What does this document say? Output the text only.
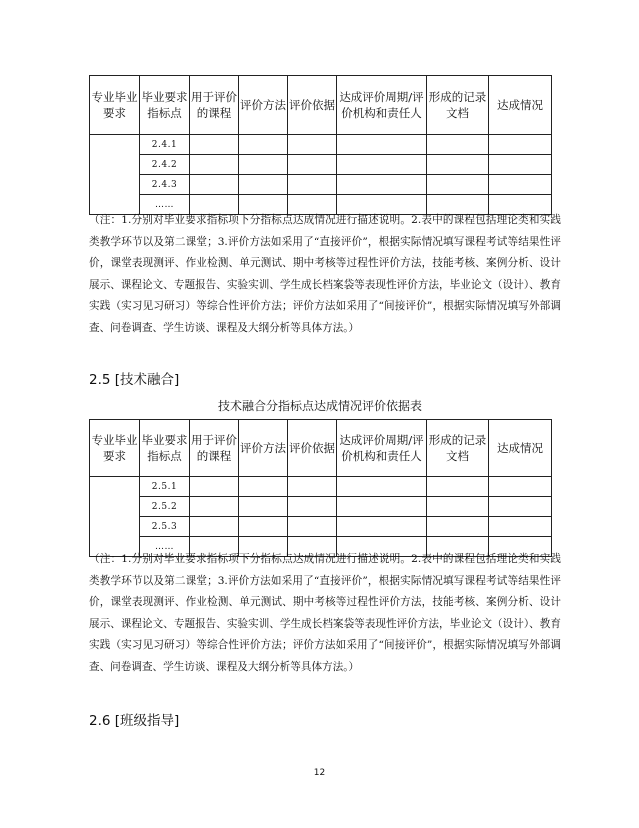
专业毕业要求	毕业要求指标点	用于评价的课程	评价方法	评价依据	达成评价周期/评价机构和责任人	形成的记录文档	达成情况

	2.4.1						
	2.4.2						
	2.4.3						
	……						

（注：1.分别对毕业要求指标项下分指标点达成情况进行描述说明。2.表中的课程包括理论类和实践类教学环节以及第二课堂；3.评价方法如采用了“直接评价”，根据实际情况填写课程考试等结果性评价，课堂表现测评、作业检测、单元测试、期中考核等过程性评价方法，技能考核、案例分析、设计展示、课程论文、专题报告、实验实训、学生成长档案袋等表现性评价方法，毕业论文（设计）、教育实践（实习见习研习）等综合性评价方法；评价方法如采用了“间接评价”，根据实际情况填写外部调查、问卷调查、学生访谈、课程及大纲分析等具体方法。）

2.5 [技术融合]

技术融合分指标点达成情况评价依据表

专业毕业要求	毕业要求指标点	用于评价的课程	评价方法	评价依据	达成评价周期/评价机构和责任人	形成的记录文档	达成情况

	2.5.1						
	2.5.2						
	2.5.3						
	……						

（注：1.分别对毕业要求指标项下分指标点达成情况进行描述说明。2.表中的课程包括理论类和实践类教学环节以及第二课堂；3.评价方法如采用了“直接评价”，根据实际情况填写课程考试等结果性评价，课堂表现测评、作业检测、单元测试、期中考核等过程性评价方法，技能考核、案例分析、设计展示、课程论文、专题报告、实验实训、学生成长档案袋等表现性评价方法，毕业论文（设计）、教育实践（实习见习研习）等综合性评价方法；评价方法如采用了“间接评价”，根据实际情况填写外部调查、问卷调查、学生访谈、课程及大纲分析等具体方法。）

2.6 [班级指导]
12
